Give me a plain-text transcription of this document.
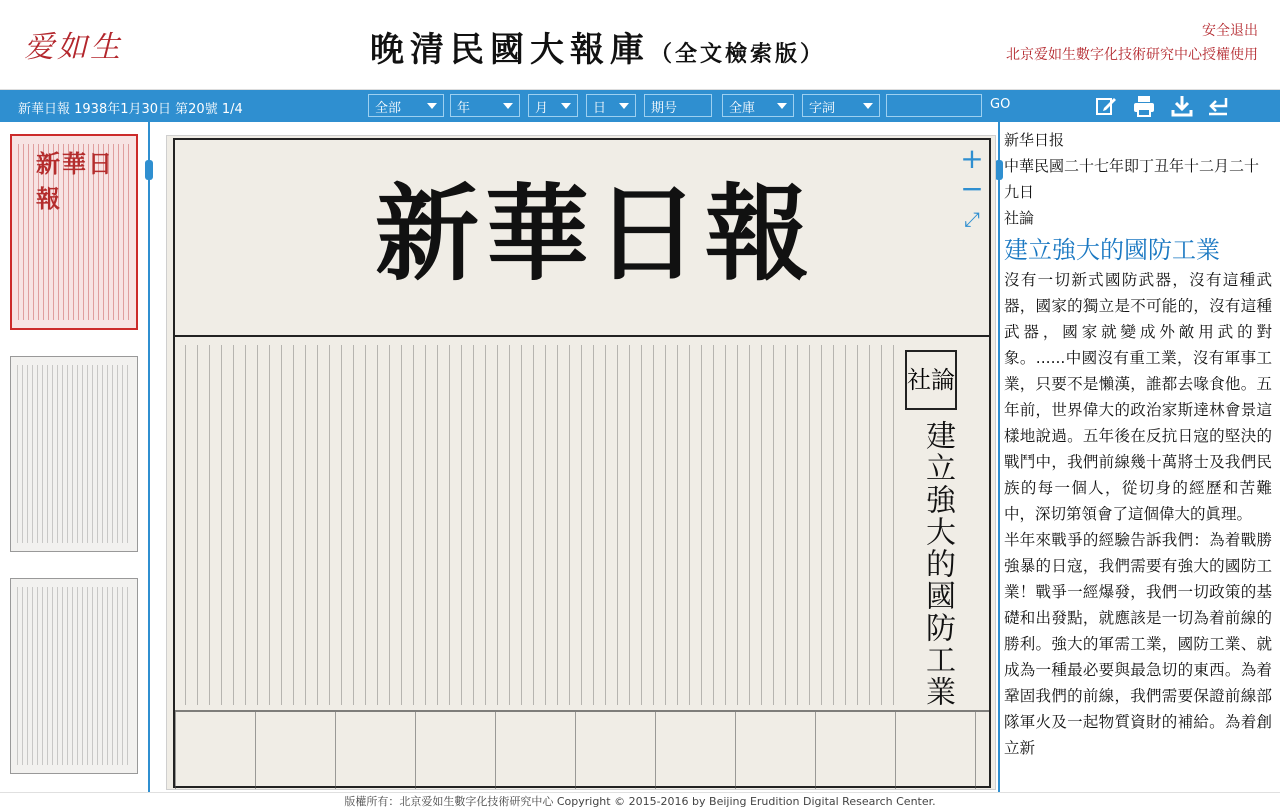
爱如生	晚清民國大報庫（全文檢索版）
安全退出
北京爱如生數字化技術研究中心授權使用
新華日報 1938年1月30日 第20號 1/4	全部	年	月	日	期号	全庫	字詞	GO
新華日報	新華日報
社論
建立強大的國防工業
+
−
⤢
新华日报
中華民國二十七年即丁丑年十二月二十九日
社論
建立強大的國防工業

沒有一切新式國防武器，沒有這種武器，國家的獨立是不可能的，沒有這種武器，國家就變成外敵用武的對象。......中國沒有重工業，沒有軍事工業，只要不是懶漢，誰都去喙食他。五年前，世界偉大的政治家斯達林會景這樣地說過。五年後在反抗日寇的堅決的戰鬥中，我們前線幾十萬將士及我們民族的每一個人，從切身的經歷和苦難中，深切第領會了這個偉大的眞理。

半年來戰爭的經驗告訴我們：為着戰勝強暴的日寇，我們需要有強大的國防工業！戰爭一經爆發，我們一切政策的基礎和出發點，就應該是一切為着前線的勝利。強大的軍需工業，國防工業、就成為一種最必要與最急切的東西。為着鞏固我們的前線，我們需要保證前線部隊軍火及一起物質資財的補給。為着創立新

版權所有：北京爱如生數字化技術研究中心 Copyright © 2015-2016 by Beijing Erudition Digital Research Center.
